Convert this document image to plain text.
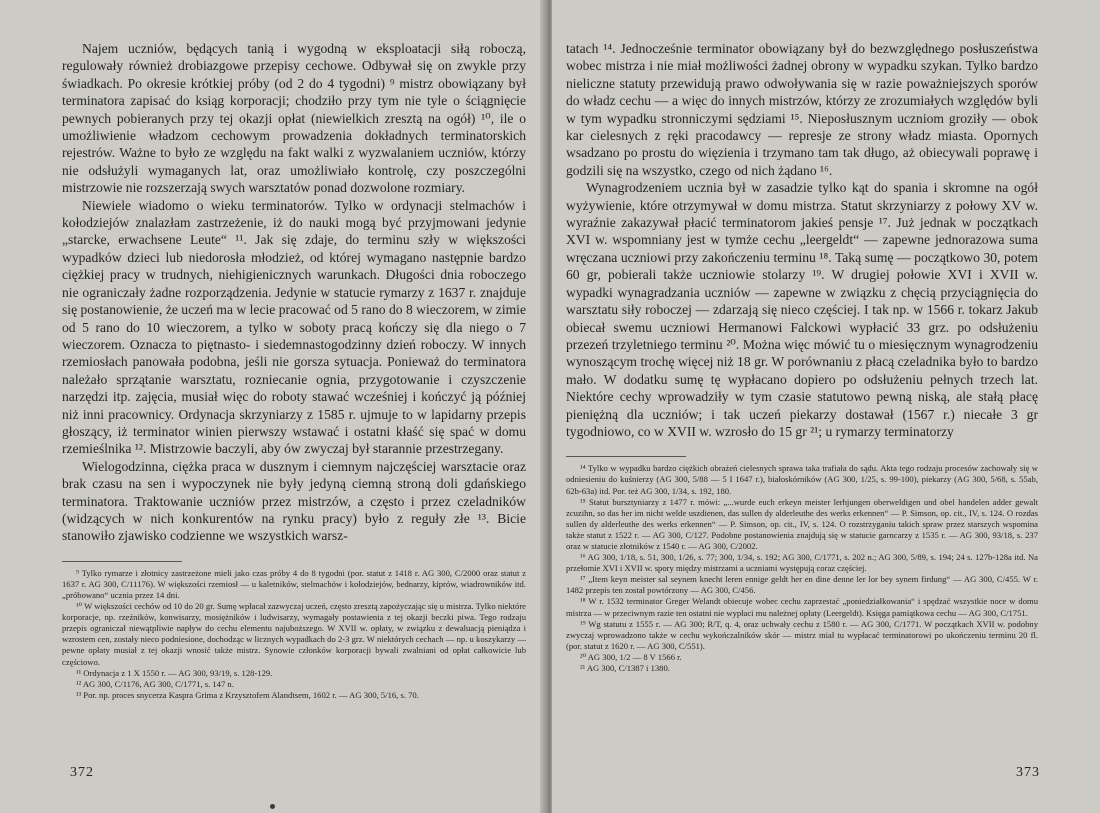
Najem uczniów, będących tanią i wygodną w eksploatacji siłą roboczą, regulowały również drobiazgowe przepisy cechowe. Odbywał się on zwykle przy świadkach. Po okresie krótkiej próby (od 2 do 4 tygodni) ⁹ mistrz obowiązany był terminatora zapisać do ksiąg korporacji; chodziło przy tym nie tyle o ściągnięcie pewnych pobieranych przy tej okazji opłat (niewielkich zresztą na ogół) ¹⁰, ile o umożliwienie władzom cechowym prowadzenia dokładnych terminatorskich rejestrów. Ważne to było ze względu na fakt walki z wyzwalaniem uczniów, którzy nie odsłużyli wymaganych lat, oraz umożliwiało kontrolę, czy poszczególni mistrzowie nie rozszerzają swych warsztatów ponad dozwolone rozmiary.

Niewiele wiadomo o wieku terminatorów. Tylko w ordynacji stelmachów i kołodziejów znalazłam zastrzeżenie, iż do nauki mogą być przyjmowani jedynie „starcke, erwachsene Leute“ ¹¹. Jak się zdaje, do terminu szły w większości wypadków dzieci lub niedorosła młodzież, od której wymagano następnie bardzo ciężkiej pracy w trudnych, niehigienicznych warunkach. Długości dnia roboczego nie ograniczały żadne rozporządzenia. Jedynie w statucie rymarzy z 1637 r. znajduje się postanowienie, że uczeń ma w lecie pracować od 5 rano do 8 wieczorem, w zimie od 5 rano do 10 wieczorem, a tylko w soboty pracą kończy się dla niego o 7 wieczorem. Oznacza to piętnasto- i siedemnastogodzinny dzień roboczy. W innych rzemiosłach panowała podobna, jeśli nie gorsza sytuacja. Ponieważ do terminatora należało sprzątanie warsztatu, rozniecanie ognia, przygotowanie i czyszczenie narzędzi itp. zajęcia, musiał więc do roboty stawać wcześniej i kończyć ją później niż inni pracownicy. Ordynacja skrzyniarzy z 1585 r. ujmuje to w lapidarny przepis głoszący, iż terminator winien pierwszy wstawać i ostatni kłaść się spać w domu rzemieślnika ¹². Mistrzowie baczyli, aby ów zwyczaj był starannie przestrzegany.

Wielogodzinna, ciężka praca w dusznym i ciemnym najczęściej warsztacie oraz brak czasu na sen i wypoczynek nie były jedyną ciemną stroną doli gdańskiego terminatora. Traktowanie uczniów przez mistrzów, a często i przez czeladników (widzących w nich konkurentów na rynku pracy) było z reguły złe ¹³. Bicie stanowiło zjawisko codzienne we wszystkich warsz-

⁹ Tylko rymarze i złotnicy zastrzeżone mieli jako czas próby 4 do 8 tygodni (por. statut z 1418 r. AG 300, C/2000 oraz statut z 1637 r. AG 300, C/11176). W większości rzemiosł — u kaletników, stelmachów i kołodziejów, bednarzy, kiprów, wiadrowników itd. „próbowano“ ucznia przez 14 dni.

¹⁰ W większości cechów od 10 do 20 gr. Sumę wpłacał zazwyczaj uczeń, często zresztą zapożyczając się u mistrza. Tylko niektóre korporacje, np. rzeźników, konwisarzy, mosiężników i ludwisarzy, wymagały postawienia z tej okazji beczki piwa. Tego rodzaju przepis ograniczał niewątpliwie napływ do cechu elementu najuboższego. W XVII w. opłaty, w związku z dewaluacją pieniądza i wzrostem cen, zostały nieco podniesione, dochodząc w licznych wypadkach do 2-3 grz. W niektórych cechach — np. u koszykarzy — pewne opłaty musiał z tej okazji wnosić także mistrz. Synowie członków korporacji bywali zwalniani od opłat całkowicie lub częściowo.

¹¹ Ordynacja z 1 X 1550 r. — AG 300, 93/19, s. 128-129.

¹² AG 300, C/1176, AG 300, C/1771, s. 147 n.

¹³ Por. np. proces snycerza Kaspra Grima z Krzysztofem Alandtsem, 1602 r. — AG 300, 5/16, s. 70.

372

tatach ¹⁴. Jednocześnie terminator obowiązany był do bezwzględnego posłuszeństwa wobec mistrza i nie miał możliwości żadnej obrony w wypadku szykan. Tylko bardzo nieliczne statuty przewidują prawo odwoływania się w razie poważniejszych sporów do władz cechu — a więc do innych mistrzów, którzy ze zrozumiałych względów byli w tym wypadku stronniczymi sędziami ¹⁵. Nieposłusznym uczniom groziły — obok kar cielesnych z ręki pracodawcy — represje ze strony władz miasta. Opornych wsadzano po prostu do więzienia i trzymano tam tak długo, aż obiecywali poprawę i godzili się na wszystko, czego od nich żądano ¹⁶.

Wynagrodzeniem ucznia był w zasadzie tylko kąt do spania i skromne na ogół wyżywienie, które otrzymywał w domu mistrza. Statut skrzyniarzy z połowy XV w. wyraźnie zakazywał płacić terminatorom jakieś pensje ¹⁷. Już jednak w początkach XVI w. wspomniany jest w tymże cechu „leergeldt“ — zapewne jednorazowa suma wręczana uczniowi przy zakończeniu terminu ¹⁸. Taką sumę — początkowo 30, potem 60 gr, pobierali także uczniowie stolarzy ¹⁹. W drugiej połowie XVI i XVII w. wypadki wynagradzania uczniów — zapewne w związku z chęcią przyciągnięcia do warsztatu siły roboczej — zdarzają się nieco częściej. I tak np. w 1566 r. tokarz Jakub obiecał swemu uczniowi Hermanowi Falckowi wypłacić 33 grz. po odsłużeniu przezeń trzyletniego terminu ²⁰. Można więc mówić tu o miesięcznym wynagrodzeniu wynoszącym trochę więcej niż 18 gr. W porównaniu z płacą czeladnika było to bardzo mało. W dodatku sumę tę wypłacano dopiero po odsłużeniu pełnych trzech lat. Niektóre cechy wprowadziły w tym czasie statutowo pewną niską, ale stałą płacę pieniężną dla uczniów; i tak uczeń piekarzy dostawał (1567 r.) niecałe 3 gr tygodniowo, co w XVII w. wzrosło do 15 gr ²¹; u rymarzy terminatorzy

¹⁴ Tylko w wypadku bardzo ciężkich obrażeń cielesnych sprawa taka trafiała do sądu. Akta tego rodzaju procesów zachowały się w odniesieniu do kuśnierzy (AG 300, 5/88 — 5 I 1647 r.), białoskórników (AG 300, 1/25, s. 99-100), piekarzy (AG 300, 5/68, s. 55ab, 62b-63a) itd. Por. też AG 300, 1/34, s. 192, 180.

¹⁵ Statut bursztyniarzy z 1477 r. mówi: „...wurde euch erkeyn meister lerhjungen oberweldigen und obel handelen adder gewalt zcuzihn, so das her im nicht welde uszdienen, das sullen dy alderleuthe des werks erkennen“ — P. Simson, op. cit., IV, s. 124. O rozdas sullen dy alderleuthe des werks erkennen“ — P. Simson, op. cit., IV, s. 124. O rozstrzyganiu takich spraw przez starszych wspomina także statut z 1522 r. — AG 300, C/127. Podobne postanowienia znajdują się w statucie garncarzy z 1535 r. — AG 300, 93/18, s. 237 oraz w statucie złotników z 1540 r. — AG 300, C/2002.

¹⁶ AG 300, 1/18, s. 51, 300, 1/26, s. 77; 300, 1/34, s. 192; AG 300, C/1771, s. 202 n.; AG 300, 5/89, s. 194; 24 s. 127b-128a itd. Na przełomie XVI i XVII w. spory między mistrzami a uczniami występują coraz częściej.

¹⁷ „Item keyn meister sal seynem knecht leren ennige geldt her en dine denne ler lor bey synem firdung“ — AG 300, C/455. W r. 1482 przepis ten został powtórzony — AG 300, C/456.

¹⁸ W r. 1532 terminator Greger Welandt obiecuje wobec cechu zaprzestać „poniedziałkowania“ i spędzać wszystkie noce w domu mistrza — w przeciwnym razie ten ostatni nie wypłaci mu należnej opłaty (Leergeldt). Księga pamiątkowa cechu — AG 300, C/1751.

¹⁹ Wg statutu z 1555 r. — AG 300; R/T, q. 4, oraz uchwały cechu z 1580 r. — AG 300, C/1771. W początkach XVII w. podobny zwyczaj wprowadzono także w cechu wykończalników skór — mistrz miał tu wypłacać terminatorowi po ukończeniu terminu 20 fl. (por. statut z 1620 r. — AG 300, C/551).

²⁰ AG 300, 1/2 — 8 V 1566 r.

²¹ AG 300, C/1387 i 1380.

373
